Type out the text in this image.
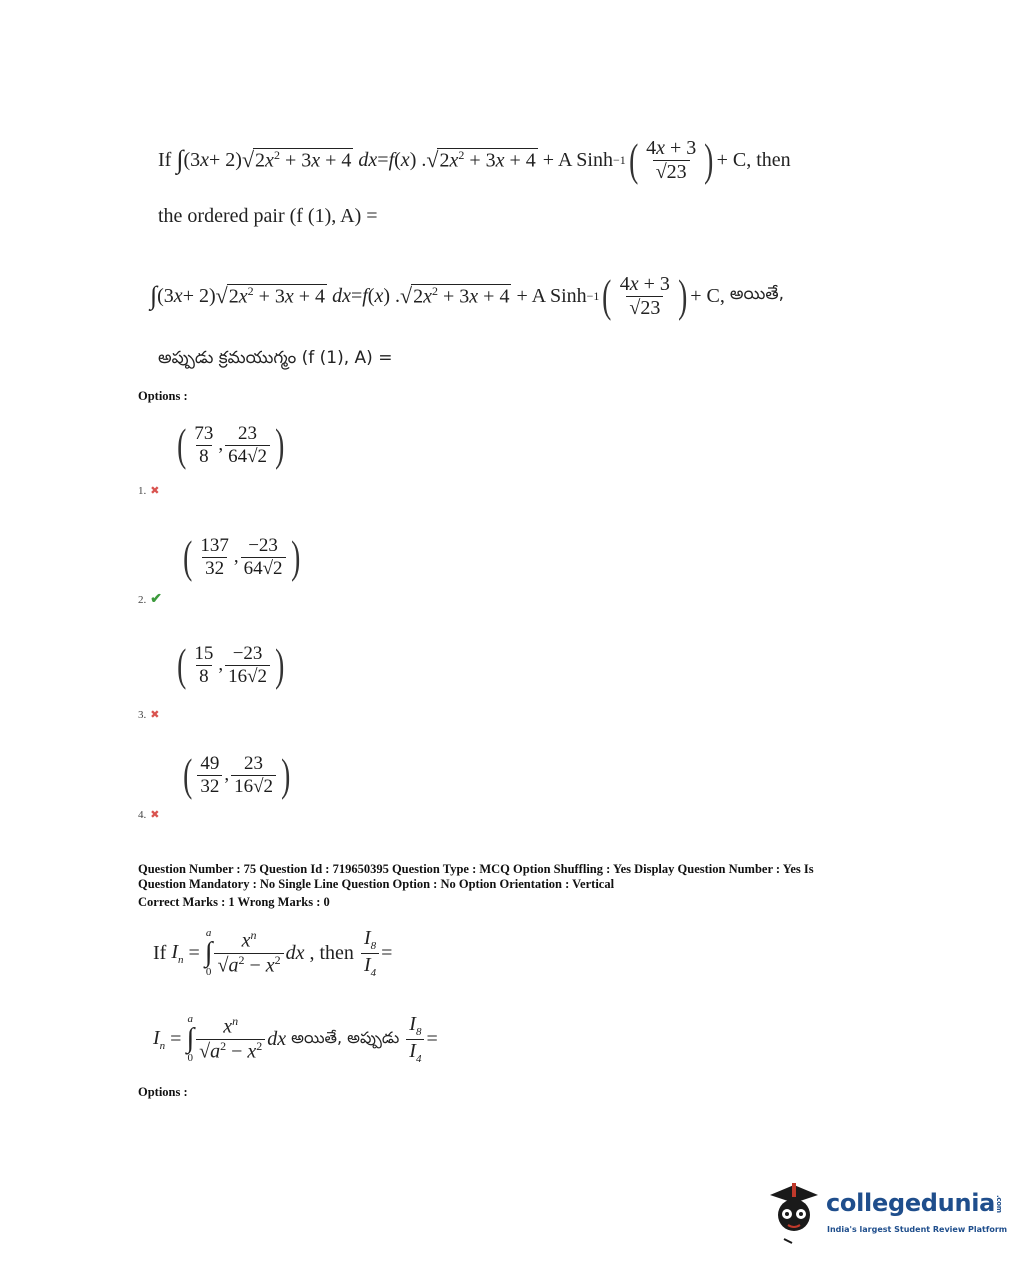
If
∫ (3 x + 2) √ $2x^2 + 3x + 4$
dx = f ( x ) . √ $2x^2 + 3x + 4 + A$ Sinh −1 ( $\frac{4x + 3}{√23}$ ) + C, then
the ordered pair (f (1), A) =
∫ (3 x + 2) √ $2x^2 + 3x + 4$
dx = f ( x ) . √ $2x^2 + 3x + 4 + A$ Sinh −1 ( $\frac{4x + 3}{√23}$ ) + C, అయితే,
అప్పుడు క్రమయుగ్మం (f (1), A) =
Options :
( $\frac{73}{8}$ , $\frac{23}{64√2}$ )
1. ✖
( $\frac{137}{32}$ , $\frac{-23}{64√2}$ )
2. ✔
( $\frac{15}{8}$ , $\frac{-23}{16√2}$ )
3. ✖
( $\frac{49}{32}$ , $\frac{23}{16√2}$ )
4. ✖
Question Number : 75 Question Id : 719650395 Question Type : MCQ Option Shuffling : Yes Display Question Number : Yes Is
Question Mandatory : No Single Line Question Option : No Option Orientation : Vertical
Correct Marks : 1 Wrong Marks : 0
If
$I_n$ =
a
∫
$0 \frac{x^n}{√a^2 - x^2}$ dx , then
$\frac{I_8}{I_4}$ =
$I_n$ =
a
∫
$0 \frac{x^n}{√a^2 - x^2}$ dx
అయితే, అప్పుడు
$\frac{I_8}{I_4}$ =
Options :
collegedunia.com
India's largest Student Review Platform
